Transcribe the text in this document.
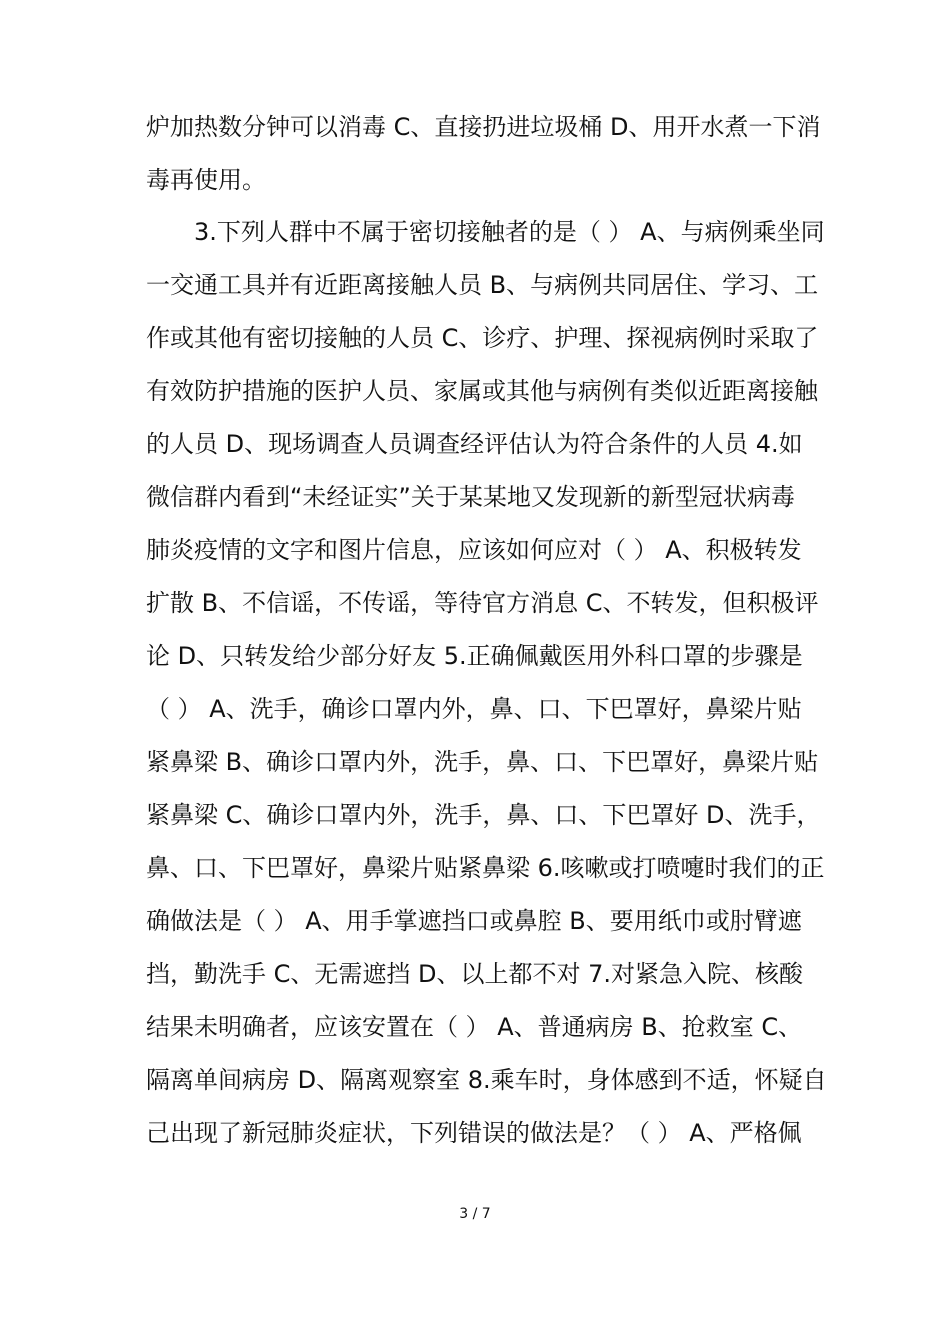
炉加热数分钟可以消毒 C、直接扔进垃圾桶 D、用开水煮一下消
毒再使用。
3.下列人群中不属于密切接触者的是（ ） A、与病例乘坐同
一交通工具并有近距离接触人员 B、与病例共同居住、学习、工
作或其他有密切接触的人员 C、诊疗、护理、探视病例时采取了
有效防护措施的医护人员、家属或其他与病例有类似近距离接触
的人员 D、现场调查人员调查经评估认为符合条件的人员 4.如
微信群内看到“未经证实”关于某某地又发现新的新型冠状病毒
肺炎疫情的文字和图片信息，应该如何应对（ ） A、积极转发
扩散 B、不信谣，不传谣，等待官方消息 C、不转发，但积极评
论 D、只转发给少部分好友 5.正确佩戴医用外科口罩的步骤是
（ ） A、洗手，确诊口罩内外，鼻、口、下巴罩好，鼻梁片贴
紧鼻梁 B、确诊口罩内外，洗手，鼻、口、下巴罩好，鼻梁片贴
紧鼻梁 C、确诊口罩内外，洗手，鼻、口、下巴罩好 D、洗手，
鼻、口、下巴罩好，鼻梁片贴紧鼻梁 6.咳嗽或打喷嚏时我们的正
确做法是（ ） A、用手掌遮挡口或鼻腔 B、要用纸巾或肘臂遮
挡，勤洗手 C、无需遮挡 D、以上都不对 7.对紧急入院、核酸
结果未明确者，应该安置在（ ） A、普通病房 B、抢救室 C、
隔离单间病房 D、隔离观察室 8.乘车时，身体感到不适，怀疑自
己出现了新冠肺炎症状，下列错误的做法是？（ ） A、严格佩
3 / 7
